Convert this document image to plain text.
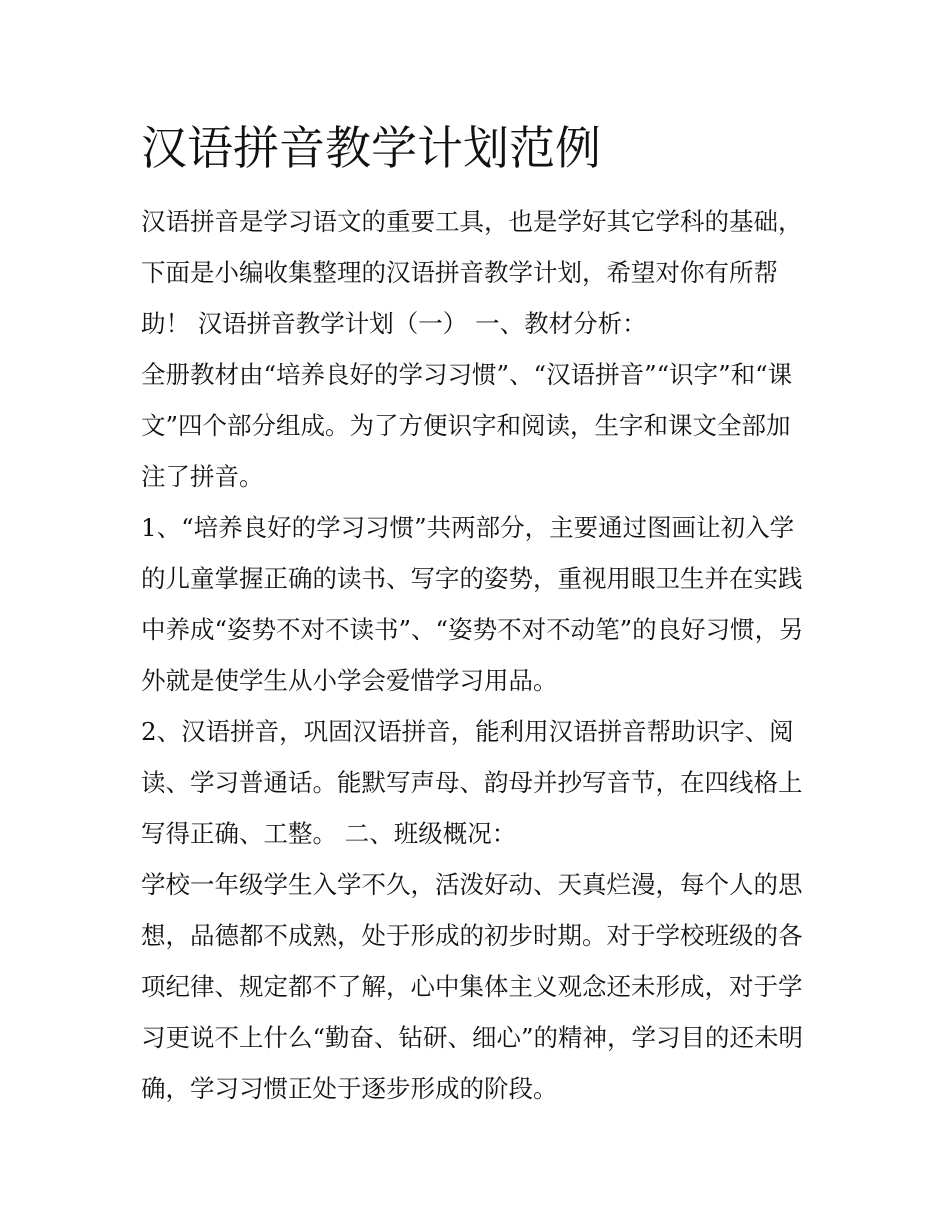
汉语拼音教学计划范例

汉语拼音是学习语文的重要工具，也是学好其它学科的基础，

下面是小编收集整理的汉语拼音教学计划，希望对你有所帮

助！ 汉语拼音教学计划（一） 一、教材分析：

全册教材由“培养良好的学习习惯”、“汉语拼音”“识字”和“课

文”四个部分组成。为了方便识字和阅读，生字和课文全部加

注了拼音。

1、“培养良好的学习习惯”共两部分，主要通过图画让初入学

的儿童掌握正确的读书、写字的姿势，重视用眼卫生并在实践

中养成“姿势不对不读书”、“姿势不对不动笔”的良好习惯，另

外就是使学生从小学会爱惜学习用品。

2、汉语拼音，巩固汉语拼音，能利用汉语拼音帮助识字、阅

读、学习普通话。能默写声母、韵母并抄写音节，在四线格上

写得正确、工整。 二、班级概况：

学校一年级学生入学不久，活泼好动、天真烂漫，每个人的思

想，品德都不成熟，处于形成的初步时期。对于学校班级的各

项纪律、规定都不了解，心中集体主义观念还未形成，对于学

习更说不上什么“勤奋、钻研、细心”的精神，学习目的还未明

确，学习习惯正处于逐步形成的阶段。
